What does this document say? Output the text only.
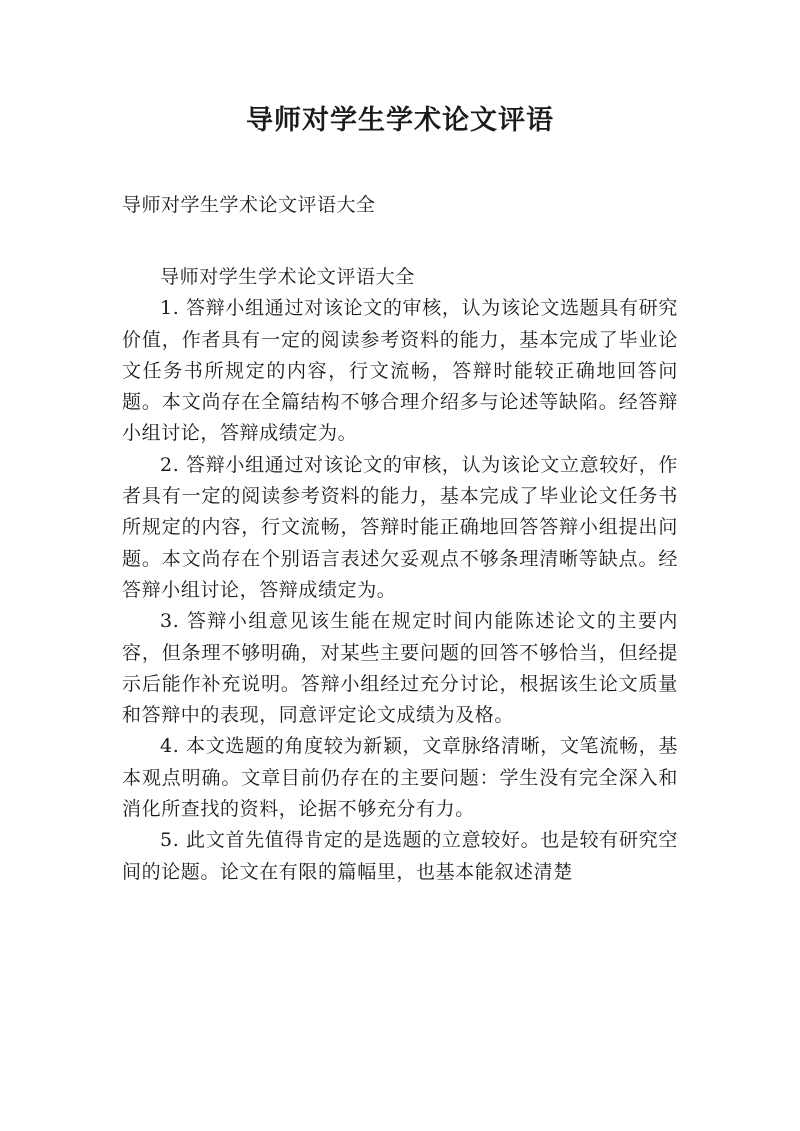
导师对学生学术论文评语

导师对学生学术论文评语大全

导师对学生学术论文评语大全

1. 答辩小组通过对该论文的审核，认为该论文选题具有研究价值，作者具有一定的阅读参考资料的能力，基本完成了毕业论文任务书所规定的内容，行文流畅，答辩时能较正确地回答问题。本文尚存在全篇结构不够合理介绍多与论述等缺陷。经答辩小组讨论，答辩成绩定为。

2. 答辩小组通过对该论文的审核，认为该论文立意较好，作者具有一定的阅读参考资料的能力，基本完成了毕业论文任务书所规定的内容，行文流畅，答辩时能正确地回答答辩小组提出问题。本文尚存在个别语言表述欠妥观点不够条理清晰等缺点。经答辩小组讨论，答辩成绩定为。

3. 答辩小组意见该生能在规定时间内能陈述论文的主要内容，但条理不够明确，对某些主要问题的回答不够恰当，但经提示后能作补充说明。答辩小组经过充分讨论，根据该生论文质量和答辩中的表现，同意评定论文成绩为及格。

4. 本文选题的角度较为新颖，文章脉络清晰，文笔流畅，基本观点明确。文章目前仍存在的主要问题：学生没有完全深入和消化所查找的资料，论据不够充分有力。

5. 此文首先值得肯定的是选题的立意较好。也是较有研究空间的论题。论文在有限的篇幅里，也基本能叙述清楚
